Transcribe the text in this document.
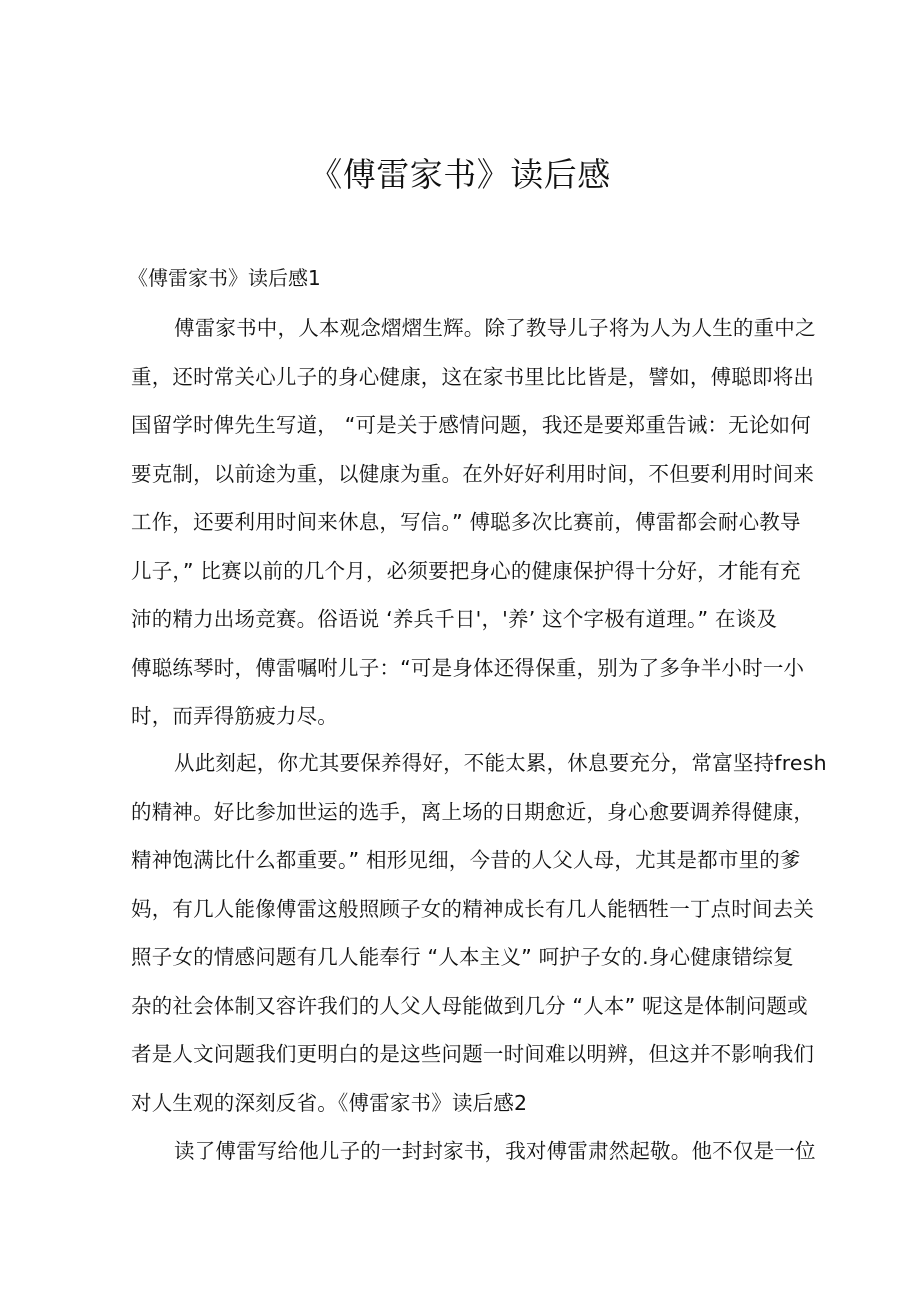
《傅雷家书》读后感
《傅雷家书》读后感1
傅雷家书中，人本观念熠熠生辉。除了教导儿子将为人为人生的重中之
重，还时常关心儿子的身心健康，这在家书里比比皆是，譬如，傅聪即将出
国留学时俾先生写道， “可是关于感情问题，我还是要郑重告诫：无论如何
要克制，以前途为重，以健康为重。在外好好利用时间，不但要利用时间来
工作，还要利用时间来休息，写信。” 傅聪多次比赛前，傅雷都会耐心教导
儿子，” 比赛以前的几个月，必须要把身心的健康保护得十分好，才能有充
沛的精力出场竞赛。俗语说 ‘养兵千日'，'养’ 这个字极有道理。” 在谈及
傅聪练琴时，傅雷嘱咐儿子：“可是身体还得保重，别为了多争半小时一小
时，而弄得筋疲力尽。
从此刻起，你尤其要保养得好，不能太累，休息要充分，常富坚持fresh
的精神。好比参加世运的选手，离上场的日期愈近，身心愈要调养得健康，
精神饱满比什么都重要。” 相形见细，今昔的人父人母，尤其是都市里的爹
妈，有几人能像傅雷这般照顾子女的精神成长有几人能牺牲一丁点时间去关
照子女的情感问题有几人能奉行 “人本主义” 呵护子女的.身心健康错综复
杂的社会体制又容许我们的人父人母能做到几分 “人本” 呢这是体制问题或
者是人文问题我们更明白的是这些问题一时间难以明辨，但这并不影响我们
对人生观的深刻反省。《傅雷家书》读后感2
读了傅雷写给他儿子的一封封家书，我对傅雷肃然起敬。他不仅是一位
